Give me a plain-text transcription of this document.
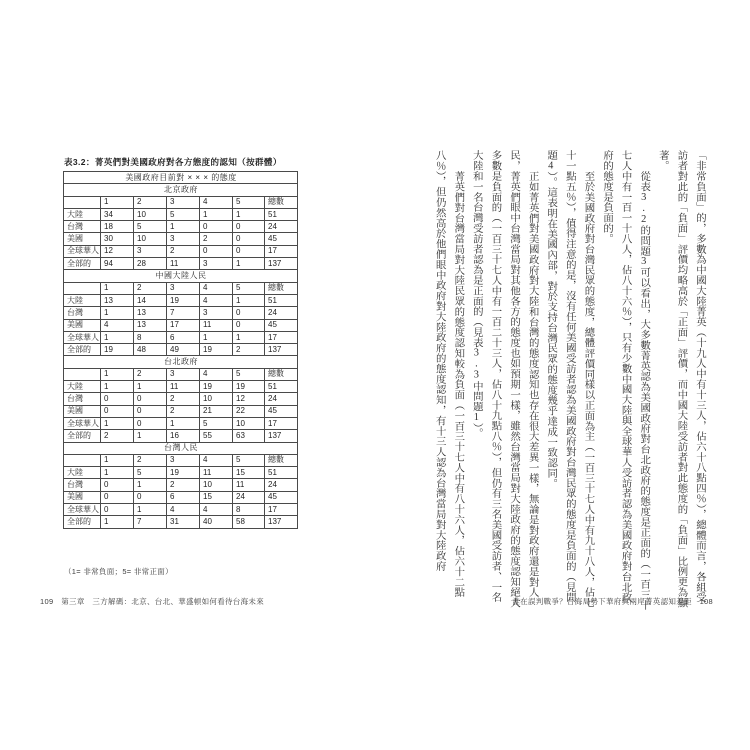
表3.2：菁英們對美國政府對各方態度的認知（按群體）
美國政府目前對 × × × 的態度						
北京政府						
	1	2	3	4	5	總數
大陸	34	10	5	1	1	51
台灣	18	5	1	0	0	24
美國	30	10	3	2	0	45
全球華人	12	3	2	0	0	17
全部的	94	28	11	3	1	137
中國大陸人民						
	1	2	3	4	5	總數
大陸	13	14	19	4	1	51
台灣	1	13	7	3	0	24
美國	4	13	17	11	0	45
全球華人	1	8	6	1	1	17
全部的	19	48	49	19	2	137
台北政府						
	1	2	3	4	5	總數
大陸	1	1	11	19	19	51
台灣	0	0	2	10	12	24
美國	0	0	2	21	22	45
全球華人	1	0	1	5	10	17
全部的	2	1	16	55	63	137
台灣人民						
	1	2	3	4	5	總數
大陸	1	5	19	11	15	51
台灣	0	1	2	10	11	24
美國	0	0	6	15	24	45
全球華人	0	1	4	4	8	17
全部的	1	7	31	40	58	137
（1= 非常負面；5= 非常正面）
109　第三章　三方解碼：北京、台北、華盛頓如何看待台海未來	「非常負面」的，多數為中國大陸菁英（十九人中有十三人，佔六十八點四％），總體而言，各組受訪者對此的「負面」評價均略高於「正面」評價，而中國大陸受訪者對此態度的「負面」比例更為顯著。

從表3.2的問題3可以看出，大多數菁英認為美國政府對台北政府的態度是正面的（一百三十七人中有一百一十八人，佔八十六％），只有少數中國大陸與全球華人受訪者認為美國政府對台北政府的態度是負面的。

至於美國政府對台灣民眾的態度，總體評價同樣以正面為主（一百三十七人中有九十八人，佔七十一點五％），值得注意的是，沒有任何美國受訪者認為美國政府對台灣民眾的態度是負面的（見問題4）。這表明在美國內部，對於支持台灣民眾的態度幾乎達成一致認同。

正如菁英們對美國政府對大陸和台灣的態度認知也存在很大差異一樣，無論是對政府還是對人民，菁英們眼中台灣當局對其他各方的態度也如預期一樣，雖然台灣當局對大陸政府的態度認知絕大多數是負面的（一百三十七人中有一百二十三人，佔八十九點八％），但仍有三名美國受訪者、一名大陸和一名台灣受訪者認為是正面的（見表3.3中問題1）。

菁英們對台灣當局對大陸民眾的態度認知較為負面（一百三十七人中有八十六人，佔六十二點八％），但仍然高於他們眼中政府對大陸政府的態度認知，有十三人認為台灣當局對大陸政府

誰在誤判戰爭？台海局勢下華府與兩岸菁英認知差距　108
